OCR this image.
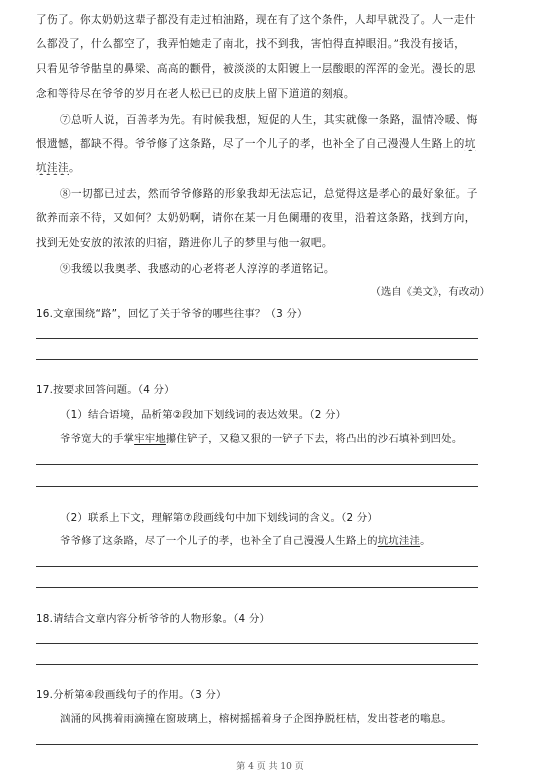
了伤了。你太奶奶这辈子都没有走过柏油路，现在有了这个条件，人却早就没了。人一走什
么都没了，什么都空了，我弄怕她走了南北，找不到我，害怕得直掉眼泪。”我没有接话，
只看见爷爷骷皇的鼻梁、高高的颧骨，被淡淡的太阳镀上一层酸眼的浑浑的金光。漫长的思
念和等待尽在爷爷的岁月在老人松已已的皮肤上留下道道的刻痕。
⑦总听人说，百善孝为先。有时候我想，短促的人生，其实就像一条路，温情冷暖、悔
恨遗憾，都缺不得。爷爷修了这条路，尽了一个儿子的孝，也补全了自己漫漫人生路上的坑
坑洼洼。
⑧一切都已过去，然而爷爷修路的形象我却无法忘记，总觉得这是孝心的最好象征。子
欲养而亲不待，又如何？太奶奶啊，请你在某一月色阑珊的夜里，沿着这条路，找到方向，
找到无处安放的浓浓的归宿，踏进你儿子的梦里与他一叙吧。
⑨我缓以我奥孝、我感动的心老将老人淳淳的孝道铭记。
（选自《美文》，有改动）
16.文章围绕“路”，回忆了关于爷爷的哪些往事？（3 分）
17.按要求回答问题。（4 分）
（1）结合语境，品析第②段加下划线词的表达效果。（2 分）
爷爷宽大的手掌牢牢地攥住铲子，又稳又狠的一铲子下去，将凸出的沙石填补到凹处。
（2）联系上下文，理解第⑦段画线句中加下划线词的含义。（2 分）
爷爷修了这条路，尽了一个儿子的孝，也补全了自己漫漫人生路上的坑坑洼洼。
18.请结合文章内容分析爷爷的人物形象。（4 分）
19.分析第④段画线句子的作用。（3 分）
汹涌的风携着雨滴撞在窗玻璃上，榕树摇摇着身子企图挣脱枉桔，发出苍老的嗡息。
第 4 页 共 10 页
